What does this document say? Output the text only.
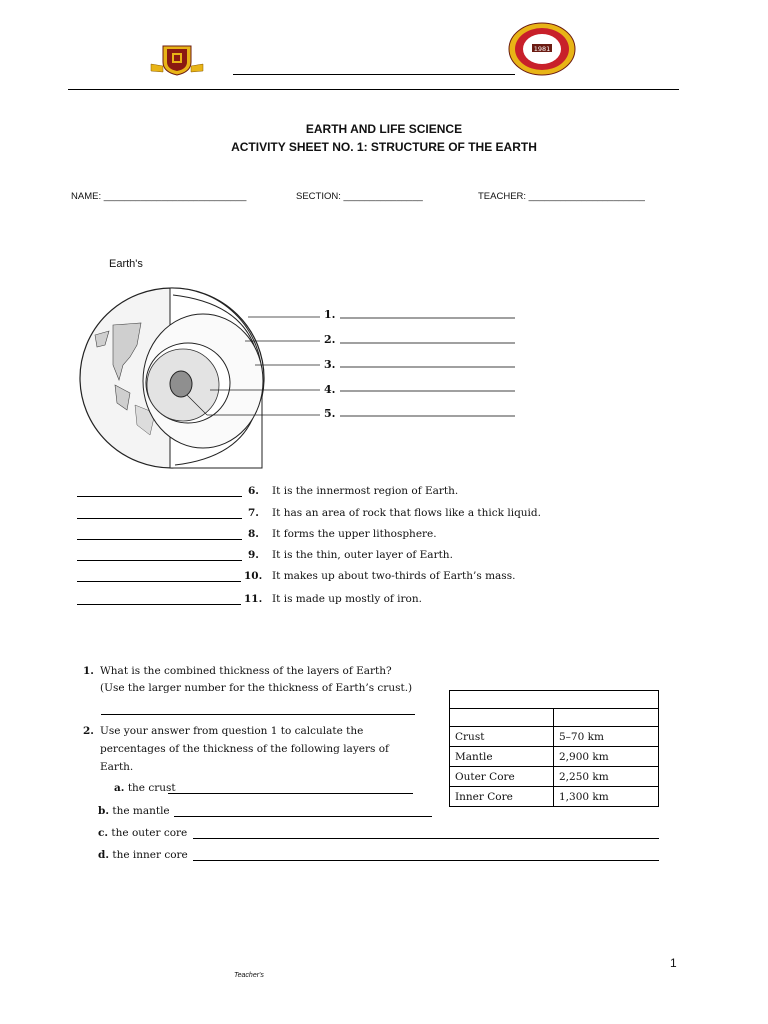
1981
EARTH AND LIFE SCIENCE
ACTIVITY SHEET NO. 1: STRUCTURE OF THE EARTH
NAME: ___________________________	SECTION: _______________	TEACHER: ______________________
Earth's
1.
2.
3.
4.
5.
6. It is the innermost region of Earth.
7. It has an area of rock that flows like a thick liquid.
8. It forms the upper lithosphere.
9. It is the thin, outer layer of Earth.
10. It makes up about two-thirds of Earth’s mass.
11. It is made up mostly of iron.
1. What is the combined thickness of the layers of Earth?
(Use the larger number for the thickness of Earth’s crust.)
2. Use your answer from question 1 to calculate the
percentages of the thickness of the following layers of
Earth.
a. the crust
b. the mantle
c. the outer core
d. the inner core

Crust	5–70 km
Mantle	2,900 km
Outer Core	2,250 km
Inner Core	1,300 km
Teacher's
1
